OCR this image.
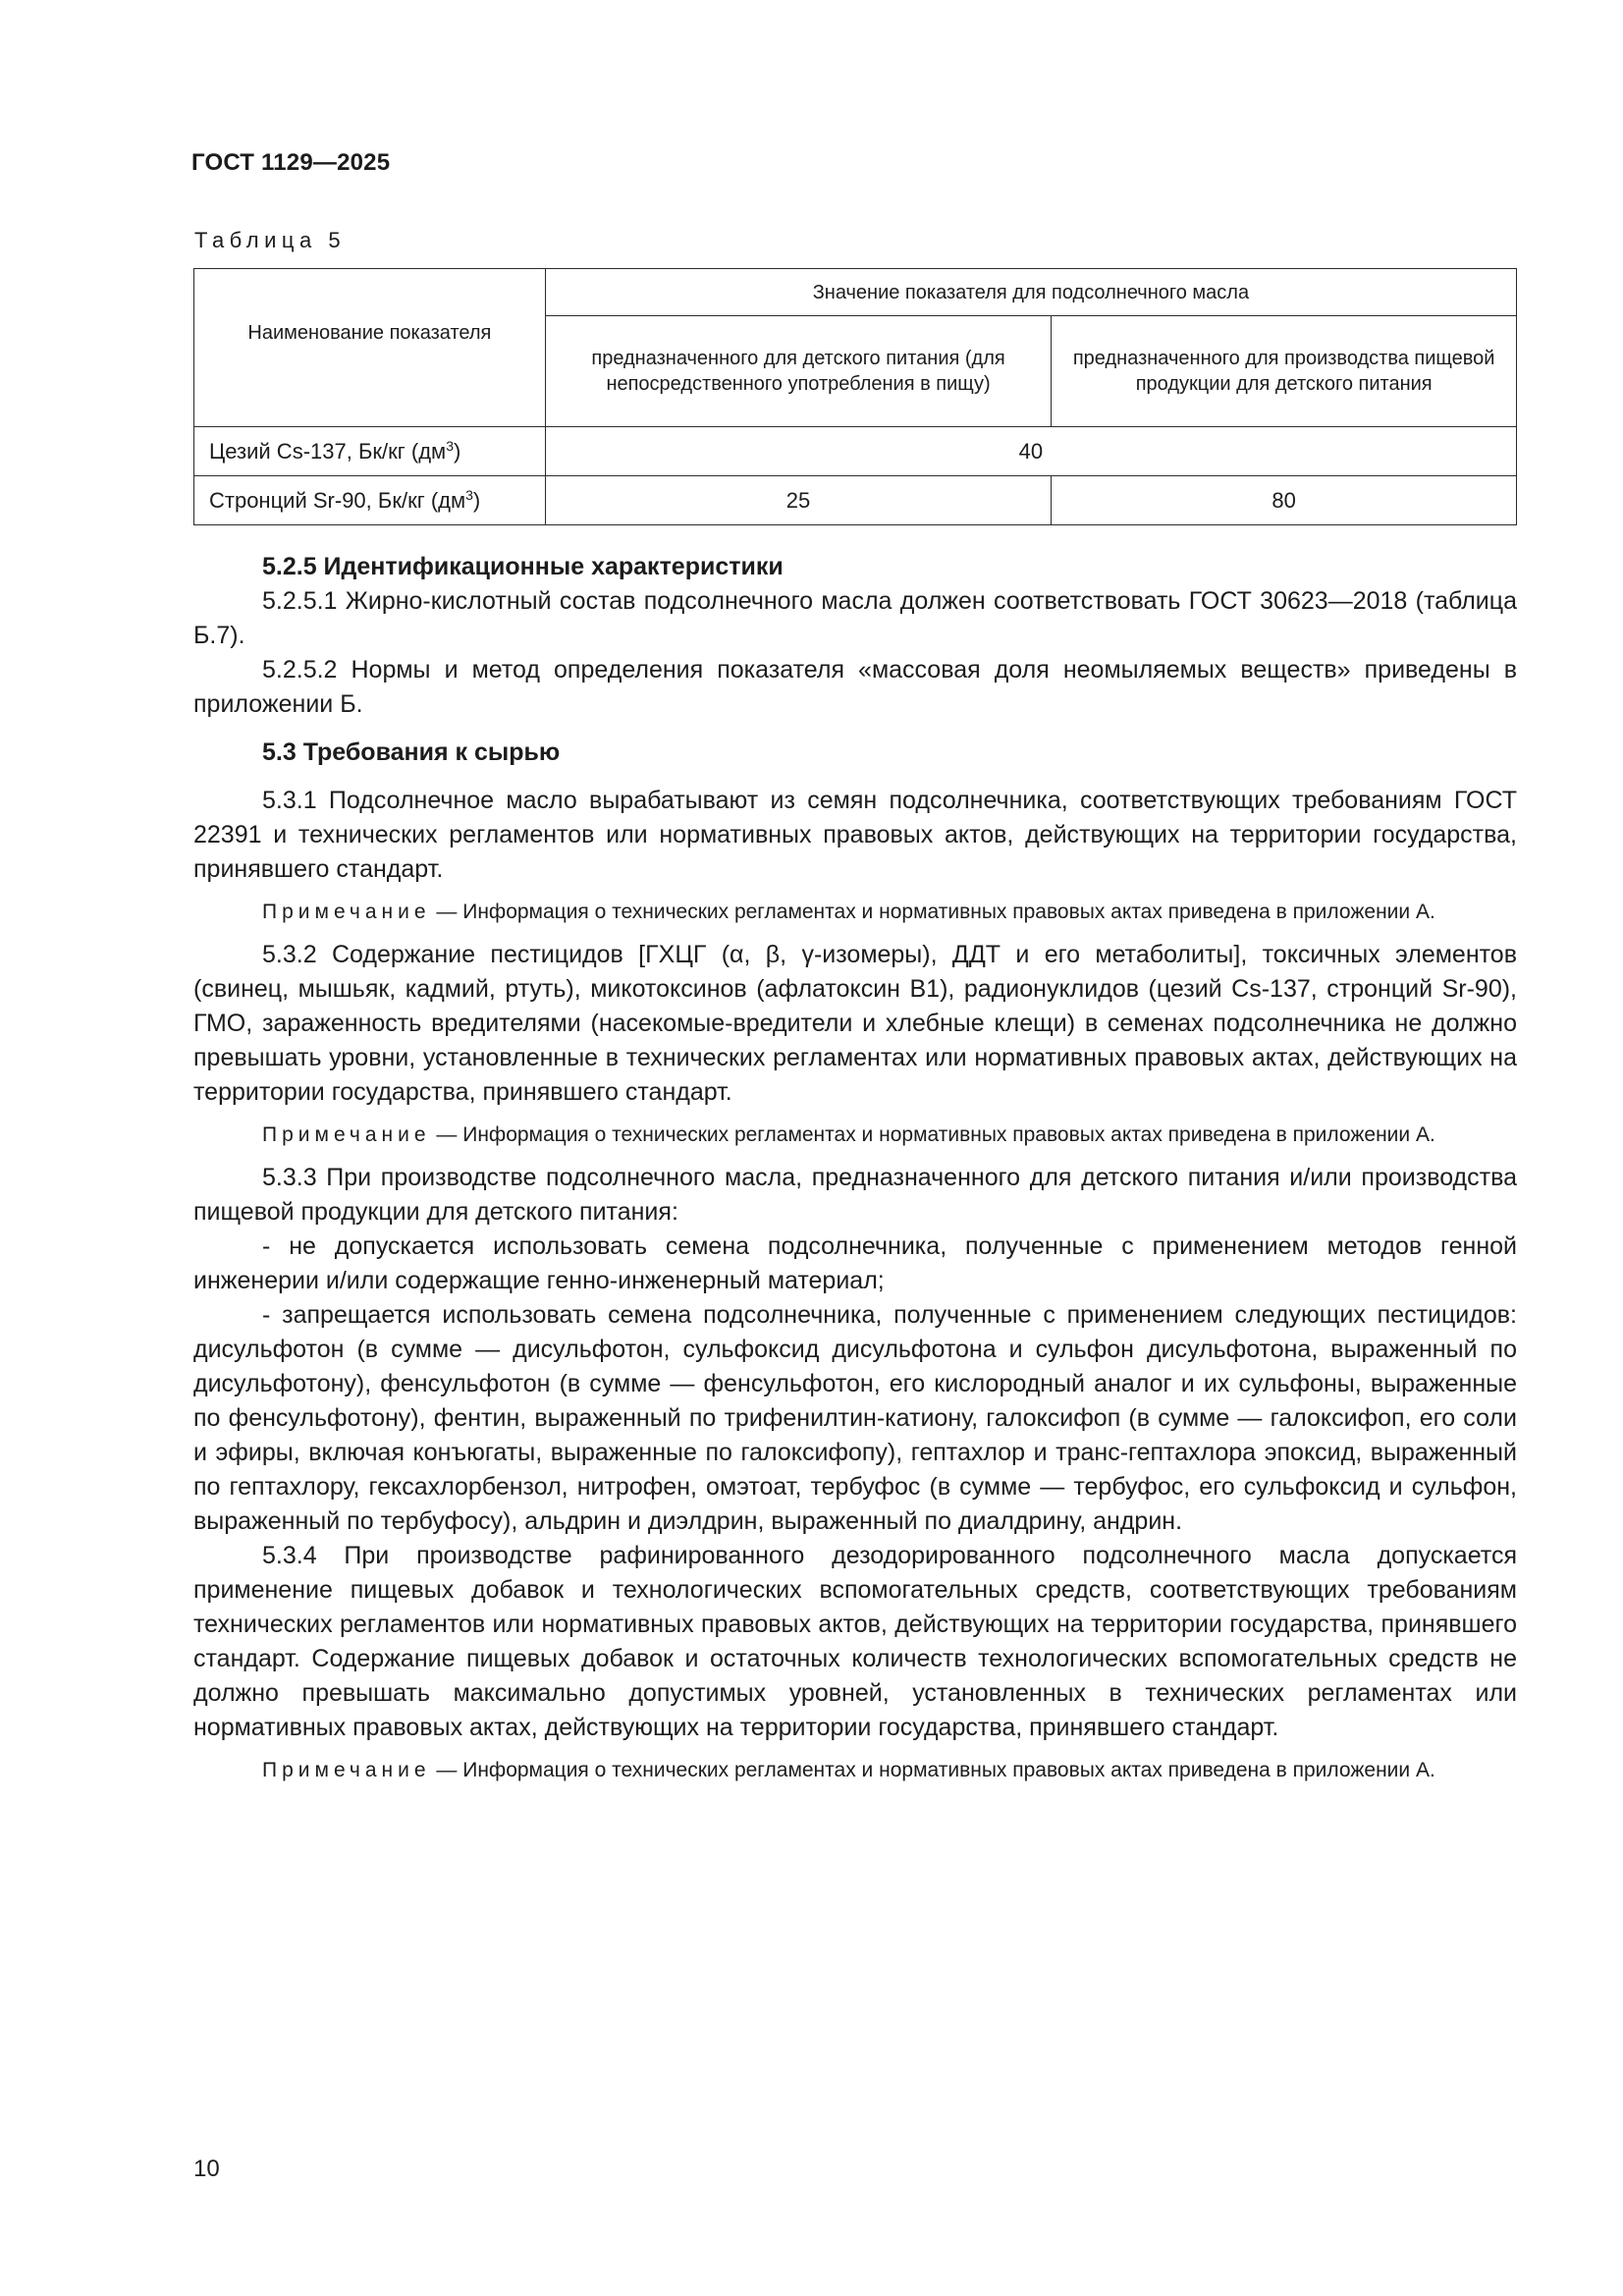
ГОСТ 1129—2025
Таблица 5
Наименование показателя	Значение показателя для подсолнечного масла	
	предназначенного для детского питания (для непосредственного употребления в пищу)	предназначенного для производства пищевой продукции для детского питания
Цезий Cs-137, Бк/кг $(дм^3)$	40	
Стронций Sr-90, Бк/кг $(дм^3)$	25	80

5.2.5 Идентификационные характеристики

5.2.5.1 Жирно-кислотный состав подсолнечного масла должен соответствовать ГОСТ 30623—2018 (таблица Б.7).

5.2.5.2 Нормы и метод определения показателя «массовая доля неомыляемых веществ» приведены в приложении Б.

5.3 Требования к сырью

5.3.1 Подсолнечное масло вырабатывают из семян подсолнечника, соответствующих требованиям ГОСТ 22391 и технических регламентов или нормативных правовых актов, действующих на территории государства, принявшего стандарт.

Примечание — Информация о технических регламентах и нормативных правовых актах приведена в приложении А.

5.3.2 Содержание пестицидов [ГХЦГ (α, β, γ-изомеры), ДДТ и его метаболиты], токсичных элементов (свинец, мышьяк, кадмий, ртуть), микотоксинов (афлатоксин В1), радионуклидов (цезий Cs-137, стронций Sr-90), ГМО, зараженность вредителями (насекомые-вредители и хлебные клещи) в семенах подсолнечника не должно превышать уровни, установленные в технических регламентах или нормативных правовых актах, действующих на территории государства, принявшего стандарт.

Примечание — Информация о технических регламентах и нормативных правовых актах приведена в приложении А.

5.3.3 При производстве подсолнечного масла, предназначенного для детского питания и/или производства пищевой продукции для детского питания:

- не допускается использовать семена подсолнечника, полученные с применением методов генной инженерии и/или содержащие генно-инженерный материал;

- запрещается использовать семена подсолнечника, полученные с применением следующих пестицидов: дисульфотон (в сумме — дисульфотон, сульфоксид дисульфотона и сульфон дисульфотона, выраженный по дисульфотону), фенсульфотон (в сумме — фенсульфотон, его кислородный аналог и их сульфоны, выраженные по фенсульфотону), фентин, выраженный по трифенилтин-катиону, галоксифоп (в сумме — галоксифоп, его соли и эфиры, включая конъюгаты, выраженные по галоксифопу), гептахлор и транс-гептахлора эпоксид, выраженный по гептахлору, гексахлорбензол, нитрофен, омэтоат, тербуфос (в сумме — тербуфос, его сульфоксид и сульфон, выраженный по тербуфосу), альдрин и диэлдрин, выраженный по диалдрину, андрин.

5.3.4 При производстве рафинированного дезодорированного подсолнечного масла допускается применение пищевых добавок и технологических вспомогательных средств, соответствующих требованиям технических регламентов или нормативных правовых актов, действующих на территории государства, принявшего стандарт. Содержание пищевых добавок и остаточных количеств технологических вспомогательных средств не должно превышать максимально допустимых уровней, установленных в технических регламентах или нормативных правовых актах, действующих на территории государства, принявшего стандарт.

Примечание — Информация о технических регламентах и нормативных правовых актах приведена в приложении А.

10
